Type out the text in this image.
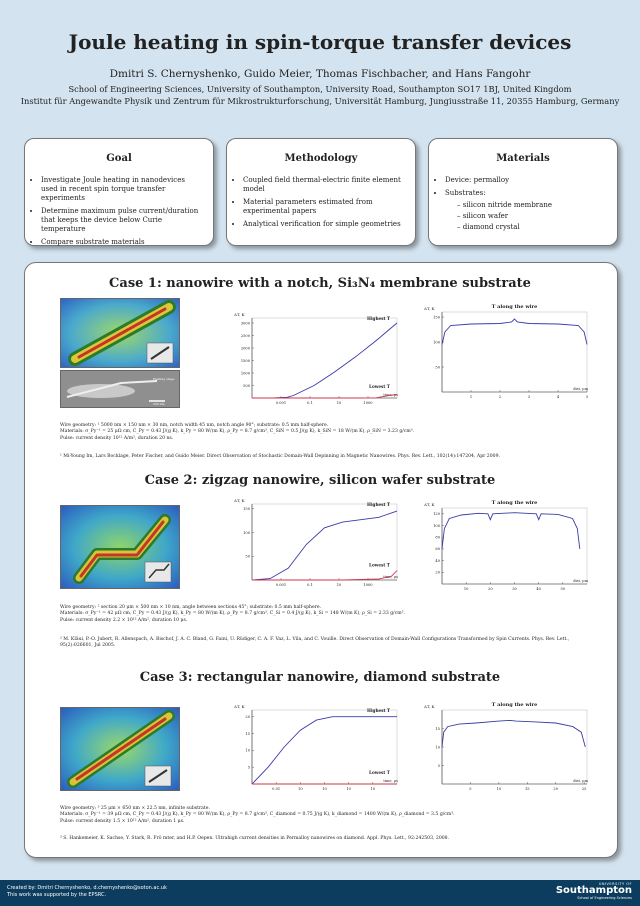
Joule heating in spin-torque transfer devices
Dmitri S. Chernyshenko, Guido Meier, Thomas Fischbacher, and Hans Fangohr
School of Engineering Sciences, University of Southampton, University Road, Southampton SO17 1BJ, United Kingdom
Institut für Angewandte Physik und Zentrum für Mikrostrukturforschung, Universität Hamburg, Jungiusstraße 11, 20355 Hamburg, Germany
Goal
• Investigate Joule heating in nanodevices used in recent spin torque transfer experiments
• Determine maximum pulse current/duration that keeps the device below Curie temperature
• Compare substrate materials
Methodology
• Coupled field thermal-electric finite element model
• Material parameters estimated from experimental papers
• Analytical verification for simple geometries
Materials
• Device: permalloy
• Substrates:
– silicon nitride membrane
– silicon wafer
– diamond crystal
Case 1: nanowire with a notch, Si₃N₄ membrane substrate
Heating stage
200 nm
ΔT, K
time, μs
500
1000
1500
2000
2500
3000
0.001	0.1	10	1000
Highest T
Lowest T
T along the wire
ΔT, K
dist, μm
50
100
150
1	2	3	4	5
Wire geometry: ¹ 5000 nm × 150 nm × 30 nm, notch width 45 nm, notch angle 90°; substrate: 0.5 mm half-sphere.
Materials: σ_Py⁻¹ = 25 μΩ cm, C_Py = 0.43 J/(g K), k_Py = 80 W/(m K), ρ_Py = 8.7 g/cm³, C_SiN = 0.5 J/(g K), k_SiN = 18 W/(m K), ρ_SiN = 3.23 g/cm³.
Pulse: current density 10¹² A/m², duration 20 ns.
¹ Mi-Young Im, Lars Bocklage, Peter Fischer, and Guido Meier. Direct Observation of Stochastic Domain-Wall Depinning in Magnetic Nanowires. Phys. Rev. Lett., 102(14):147204, Apr 2009.
Case 2: zigzag nanowire, silicon wafer substrate
ΔT, K
time, μs
50
100
150
0.001	0.1	10	1000
Highest T
Lowest T
T along the wire
ΔT, K
dist, μm
20
40
60
80
100
120
10	20	30	40	50
Wire geometry: ² section 20 μm × 500 nm × 10 nm, angle between sections 45°; substrate: 0.5 mm half-sphere.
Materials: σ_Py⁻¹ = 42 μΩ cm, C_Py = 0.43 J/(g K), k_Py = 80 W/(m K), ρ_Py = 8.7 g/cm³, C_Si = 0.4 J/(g K), k_Si = 148 W/(m K), ρ_Si = 2.33 g/cm³.
Pulse: current density 2.2 × 10¹² A/m², duration 10 μs.
² M. Kläui, P.-O. Jubert, R. Allenspach, A. Bischof, J. A. C. Bland, G. Faini, U. Rüdiger, C. A. F. Vaz, L. Vila, and C. Vouille. Direct Observation of Domain-Wall Configurations Transformed by Spin Currents. Phys. Rev. Lett., 95(2):026601, Jul 2005.
Case 3: rectangular nanowire, diamond substrate
ΔT, K
time, μs
5
10
15
20
0.01	10	10	10	10
Highest T
Lowest T
T along the wire
ΔT, K
dist, μm
5
10
15
5	10	15	20	25
Wire geometry: ³ 25 μm × 650 nm × 22.5 nm, infinite substrate.
Materials: σ_Py⁻¹ = 39 μΩ cm, C_Py = 0.43 J/(g K), k_Py = 80 W/(m K), ρ_Py = 8.7 g/cm³, C_diamond = 0.75 J/(g K), k_diamond = 1400 W/(m K), ρ_diamond = 3.5 g/cm³.
Pulse: current density 1.5 × 10¹² A/m², duration 1 μs.
³ S. Hankemeier, K. Sachse, Y. Stark, R. Frö mter, and H.P. Oepen. Ultrahigh current densities in Permalloy nanowires on diamond. Appl. Phys. Lett., 92:242503, 2008.
Created by: Dmitri Chernyshenko, d.chernyshenko@soton.ac.uk
This work was supported by the EPSRC.
UNIVERSITY OF
Southampton
School of Engineering Sciences
